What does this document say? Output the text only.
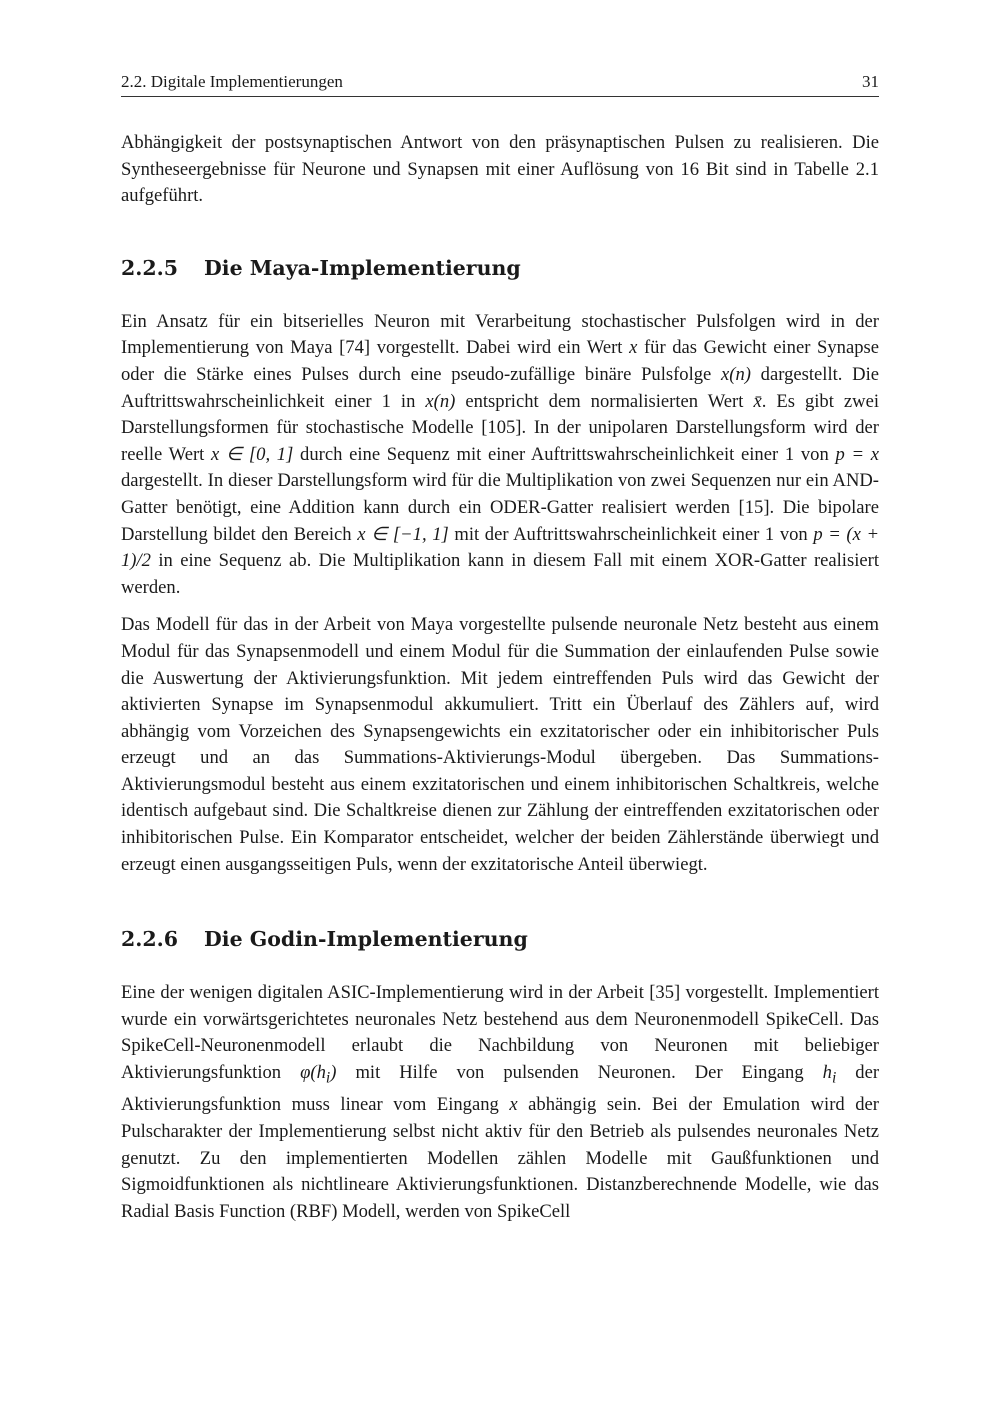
2.2. Digitale Implementierungen	31

Abhängigkeit der postsynaptischen Antwort von den präsynaptischen Pulsen zu realisieren. Die Syntheseergebnisse für Neurone und Synapsen mit einer Auflösung von 16 Bit sind in Tabelle 2.1 aufgeführt.

2.2.5 Die Maya-Implementierung

Ein Ansatz für ein bitserielles Neuron mit Verarbeitung stochastischer Pulsfolgen wird in der Implementierung von Maya [74] vorgestellt. Dabei wird ein Wert x für das Gewicht einer Synapse oder die Stärke eines Pulses durch eine pseudo-zufällige binäre Pulsfolge x(n) dargestellt. Die Auftrittswahrscheinlichkeit einer 1 in x(n) entspricht dem normalisierten Wert x̄. Es gibt zwei Darstellungsformen für stochastische Modelle [105]. In der unipolaren Darstellungsform wird der reelle Wert x ∈ [0, 1] durch eine Sequenz mit einer Auftrittswahrscheinlichkeit einer 1 von p = x dargestellt. In dieser Darstellungsform wird für die Multiplikation von zwei Sequenzen nur ein AND-Gatter benötigt, eine Addition kann durch ein ODER-Gatter realisiert werden [15]. Die bipolare Darstellung bildet den Bereich x ∈ [−1, 1] mit der Auftrittswahrscheinlichkeit einer 1 von p = (x + 1)/2 in eine Sequenz ab. Die Multiplikation kann in diesem Fall mit einem XOR-Gatter realisiert werden.

Das Modell für das in der Arbeit von Maya vorgestellte pulsende neuronale Netz besteht aus einem Modul für das Synapsenmodell und einem Modul für die Summation der einlaufenden Pulse sowie die Auswertung der Aktivierungsfunktion. Mit jedem eintreffenden Puls wird das Gewicht der aktivierten Synapse im Synapsenmodul akkumuliert. Tritt ein Überlauf des Zählers auf, wird abhängig vom Vorzeichen des Synapsengewichts ein exzitatorischer oder ein inhibitorischer Puls erzeugt und an das Summations-Aktivierungs-Modul übergeben. Das Summations-Aktivierungsmodul besteht aus einem exzitatorischen und einem inhibitorischen Schaltkreis, welche identisch aufgebaut sind. Die Schaltkreise dienen zur Zählung der eintreffenden exzitatorischen oder inhibitorischen Pulse. Ein Komparator entscheidet, welcher der beiden Zählerstände überwiegt und erzeugt einen ausgangsseitigen Puls, wenn der exzitatorische Anteil überwiegt.

2.2.6 Die Godin-Implementierung

Eine der wenigen digitalen ASIC-Implementierung wird in der Arbeit [35] vorgestellt. Implementiert wurde ein vorwärtsgerichtetes neuronales Netz bestehend aus dem Neuronenmodell SpikeCell. Das SpikeCell-Neuronenmodell erlaubt die Nachbildung von Neuronen mit beliebiger Aktivierungsfunktion $\varphi(h_i)$ mit Hilfe von pulsenden Neuronen. Der Eingang $h_i$ der Aktivierungsfunktion muss linear vom Eingang x abhängig sein. Bei der Emulation wird der Pulscharakter der Implementierung selbst nicht aktiv für den Betrieb als pulsendes neuronales Netz genutzt. Zu den implementierten Modellen zählen Modelle mit Gaußfunktionen und Sigmoidfunktionen als nichtlineare Aktivierungsfunktionen. Distanzberechnende Modelle, wie das Radial Basis Function (RBF) Modell, werden von SpikeCell
